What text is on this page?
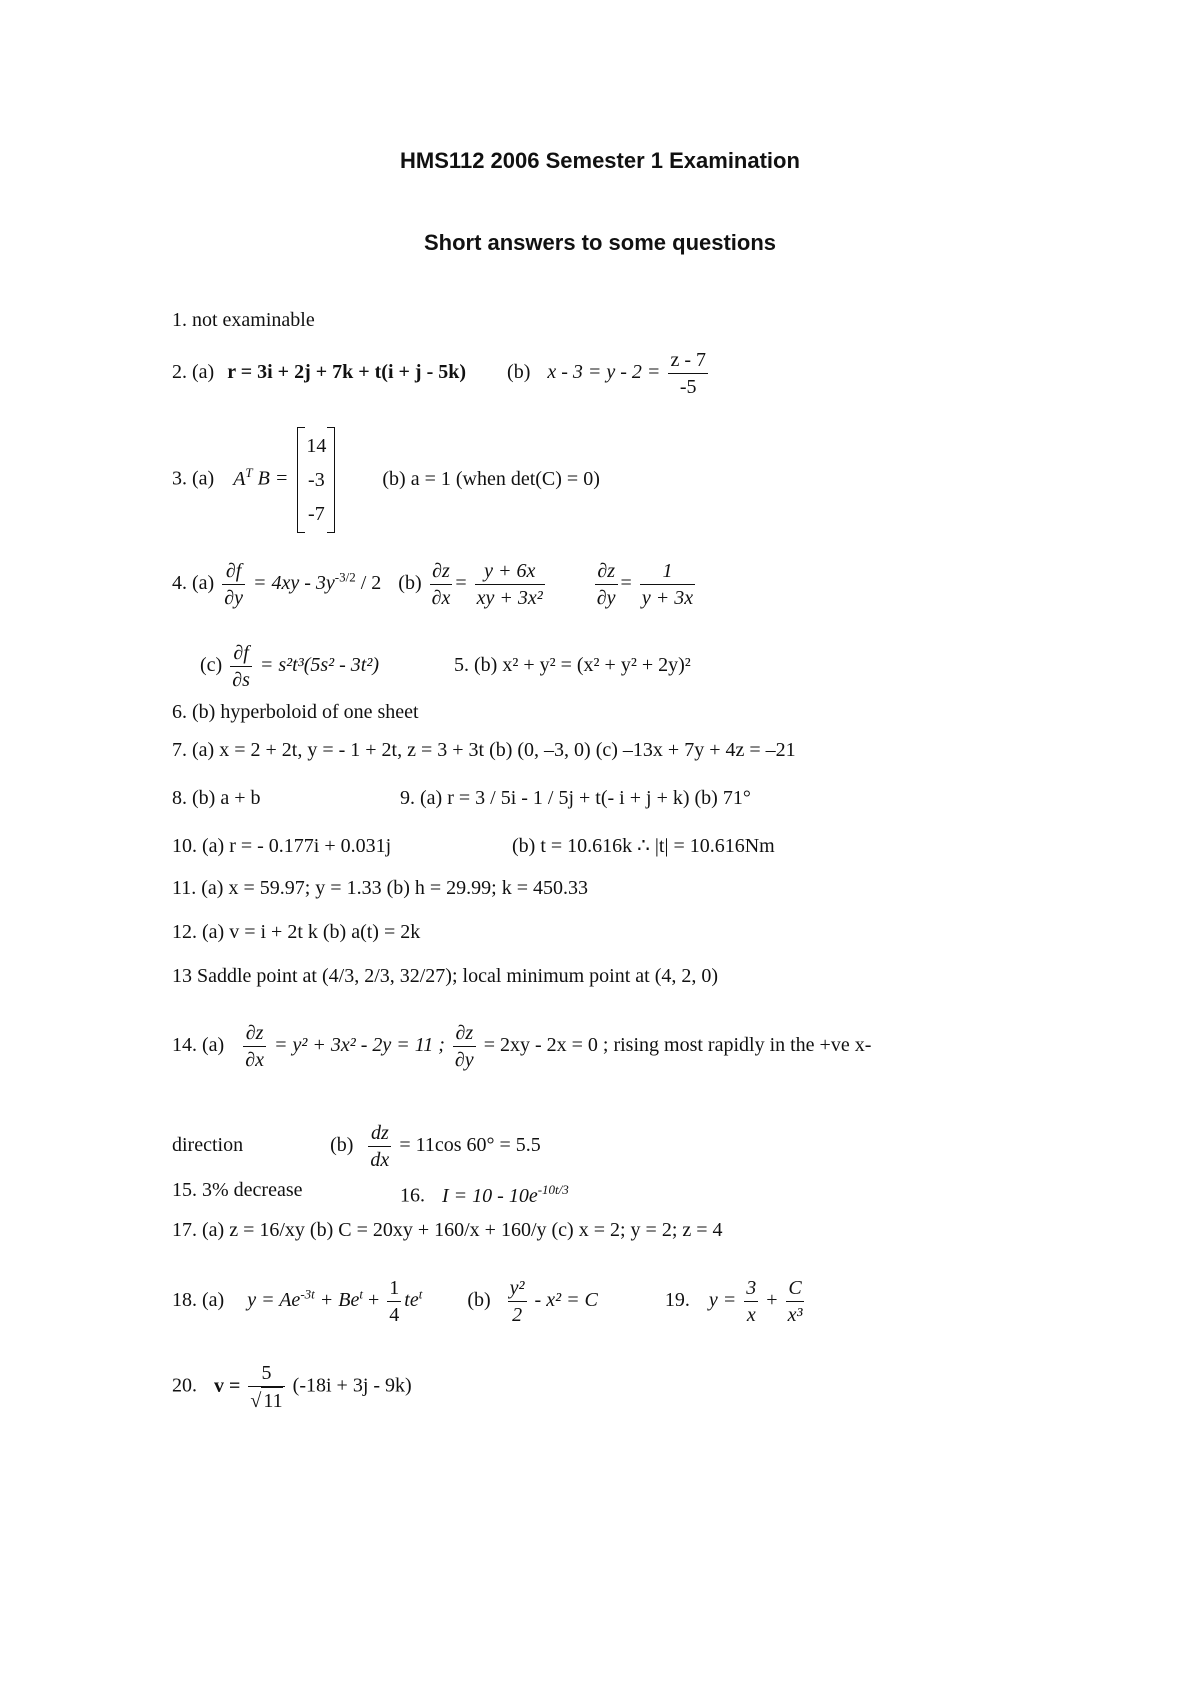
HMS112 2006 Semester 1 Examination
Short answers to some questions
1. not examinable
2. (a) r = 3i + 2j + 7k + t(i + j - 5k) (b) $x - 3 = y - 2 = \frac{z - 7}{-5}$
3. (a) $A^T$ B =
14
-3
-7
(b) a = 1 (when det(C) = 0)
4. $(a) \frac{\partial f}{\partial y} = 4xy - 3y^{-3/2} / 2$ $(b) \frac{\partial z}{\partial x} = \frac{y + 6x}{\text{xy + 3x²}}$
	$\frac{\partial z}{\partial y} = \frac{1}{y + 3x}$
$(c) \frac{\partial f}{\partial s} = s^2t^3(5s^2 - 3t^2)$	5. (b) x² + y² = (x² + y² + 2y)²
6. (b) hyperboloid of one sheet
7. (a) x = 2 + 2t, y = - 1 + 2t, z = 3 + 3t (b) (0, –3, 0) (c) –13x + 7y + 4z = –21
8. (b) a + b	9. (a) r = 3 / 5i - 1 / 5j + t(- i + j + k) (b) 71°
10. (a) r = - 0.177i + 0.031j	(b) t = 10.616k ∴ |t| = 10.616Nm
11. (a) x = 59.97; y = 1.33 (b) h = 29.99; k = 450.33
12. (a) v = i + 2t k (b) a(t) = 2k
13 Saddle point at (4/3, 2/3, 32/27); local minimum point at (4, 2, 0)
14. $(a) \frac{\partial z}{\partial x} = y^2 + 3x^2 - 2y = 11$ ; $\frac{\partial z}{\partial y} = 2xy - 2x = 0$ ; rising most rapidly in the +ve x-
direction	$(b) \frac{dz}{dx} = 11\cos$ 60° = 5.5
15. 3% decrease	16. $I = 10 - 10e^{-10t/3}$
17. (a) z = 16/xy (b) C = 20xy + 160/x + 160/y (c) x = 2; y = 2; z = 4
18. (a) $y = Ae^{-3t} + Be^t + \frac{1}{4} te^t$ $(b) \frac{\text{y²}}{2} - x^2 = C$	19. $y = \frac{3}{x} + \frac{C}{\text{x³}}$
20. $v = \frac{5}{√ 11} (-18i + 3j - 9k)$
